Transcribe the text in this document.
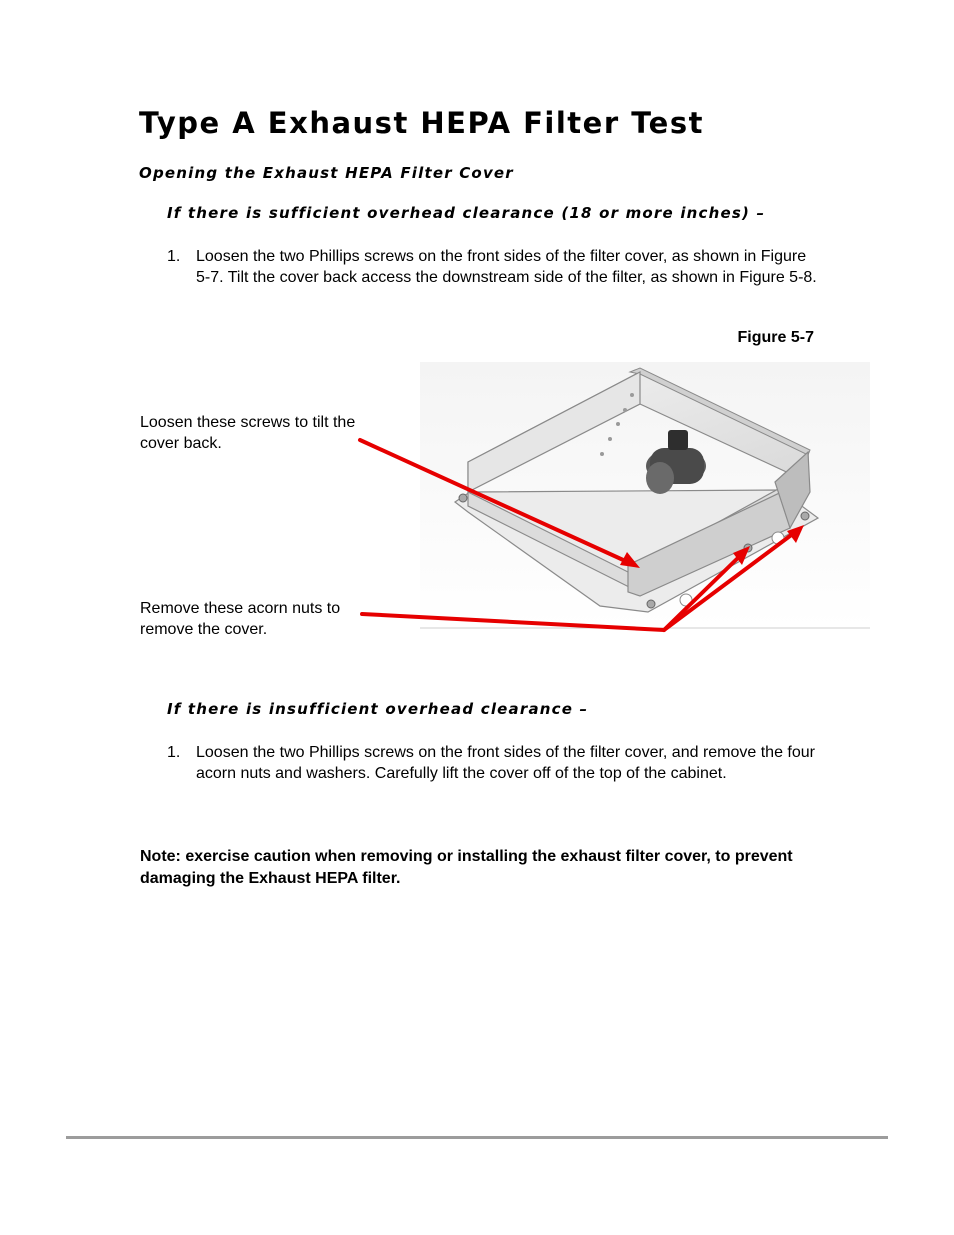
Type A Exhaust HEPA Filter Test
Opening the Exhaust HEPA Filter Cover
If there is sufficient overhead clearance (18 or more inches) –
1. Loosen the two Phillips screws on the front sides of the filter cover, as shown in Figure 5-7. Tilt the cover back access the downstream side of the filter, as shown in Figure 5-8.
Figure 5-7
Loosen these screws to tilt the cover back.
Remove these acorn nuts to remove the cover.
If there is insufficient overhead clearance –
1. Loosen the two Phillips screws on the front sides of the filter cover, and remove the four acorn nuts and washers. Carefully lift the cover off of the top of the cabinet.
Note: exercise caution when removing or installing the exhaust filter cover, to prevent damaging the Exhaust HEPA filter.
